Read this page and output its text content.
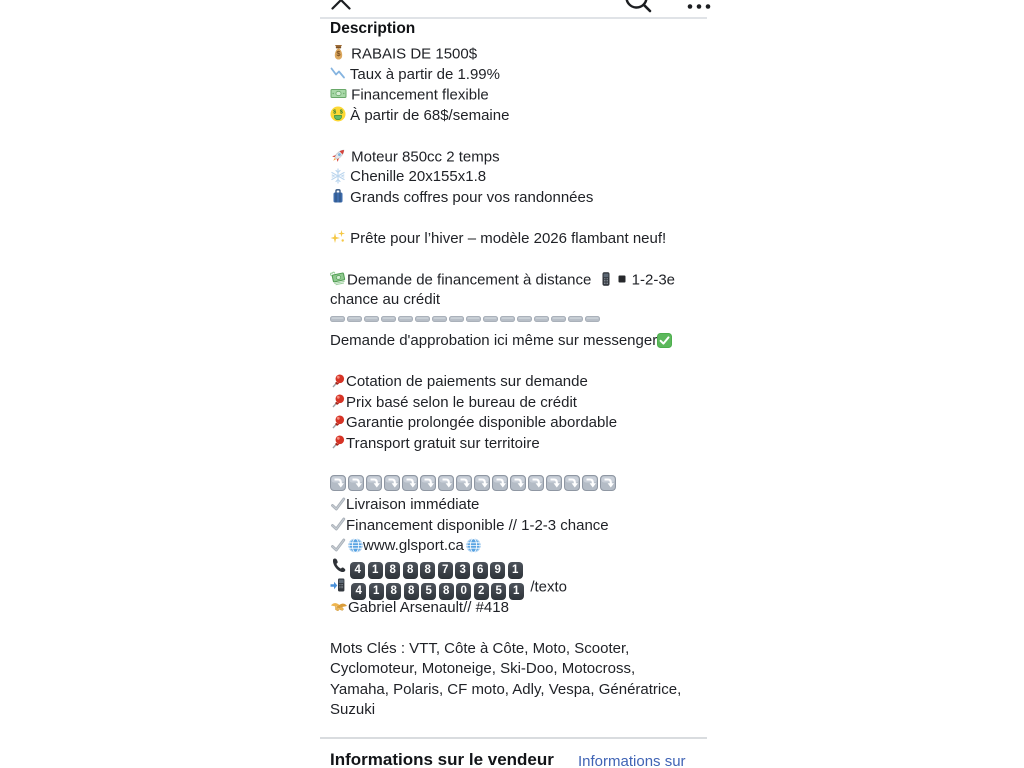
Description
$ RABAIS DE 1500$
Taux à partir de 1.99%
Financement flexible
$ $ À partir de 68$/semaine
Moteur 850cc 2 temps
Chenille 20x155x1.8
Grands coffres pour vos randonnées
Prête pour l’hiver – modèle 2026 flambant neuf!
Demande de financement à distance  1-2-3e
chance au crédit
Demande d'approbation ici même sur messenger
Cotation de paiements sur demande
Prix basé selon le bureau de crédit
Garantie prolongée disponible abordable
Transport gratuit sur territoire
Livraison immédiate
Financement disponible // 1-2-3 chance
www.glsport.ca
4 1 8 8 8 7 3 6 9 1
4 1 8 8 5 8 0 2 5 1 /texto
Gabriel Arsenault// #418
Mots Clés : VTT, Côte à Côte, Moto, Scooter,
Cyclomoteur, Motoneige, Ski-Doo, Motocross,
Yamaha, Polaris, CF moto, Adly, Vespa, Génératrice,
Suzuki
Informations sur le vendeur Informations sur
